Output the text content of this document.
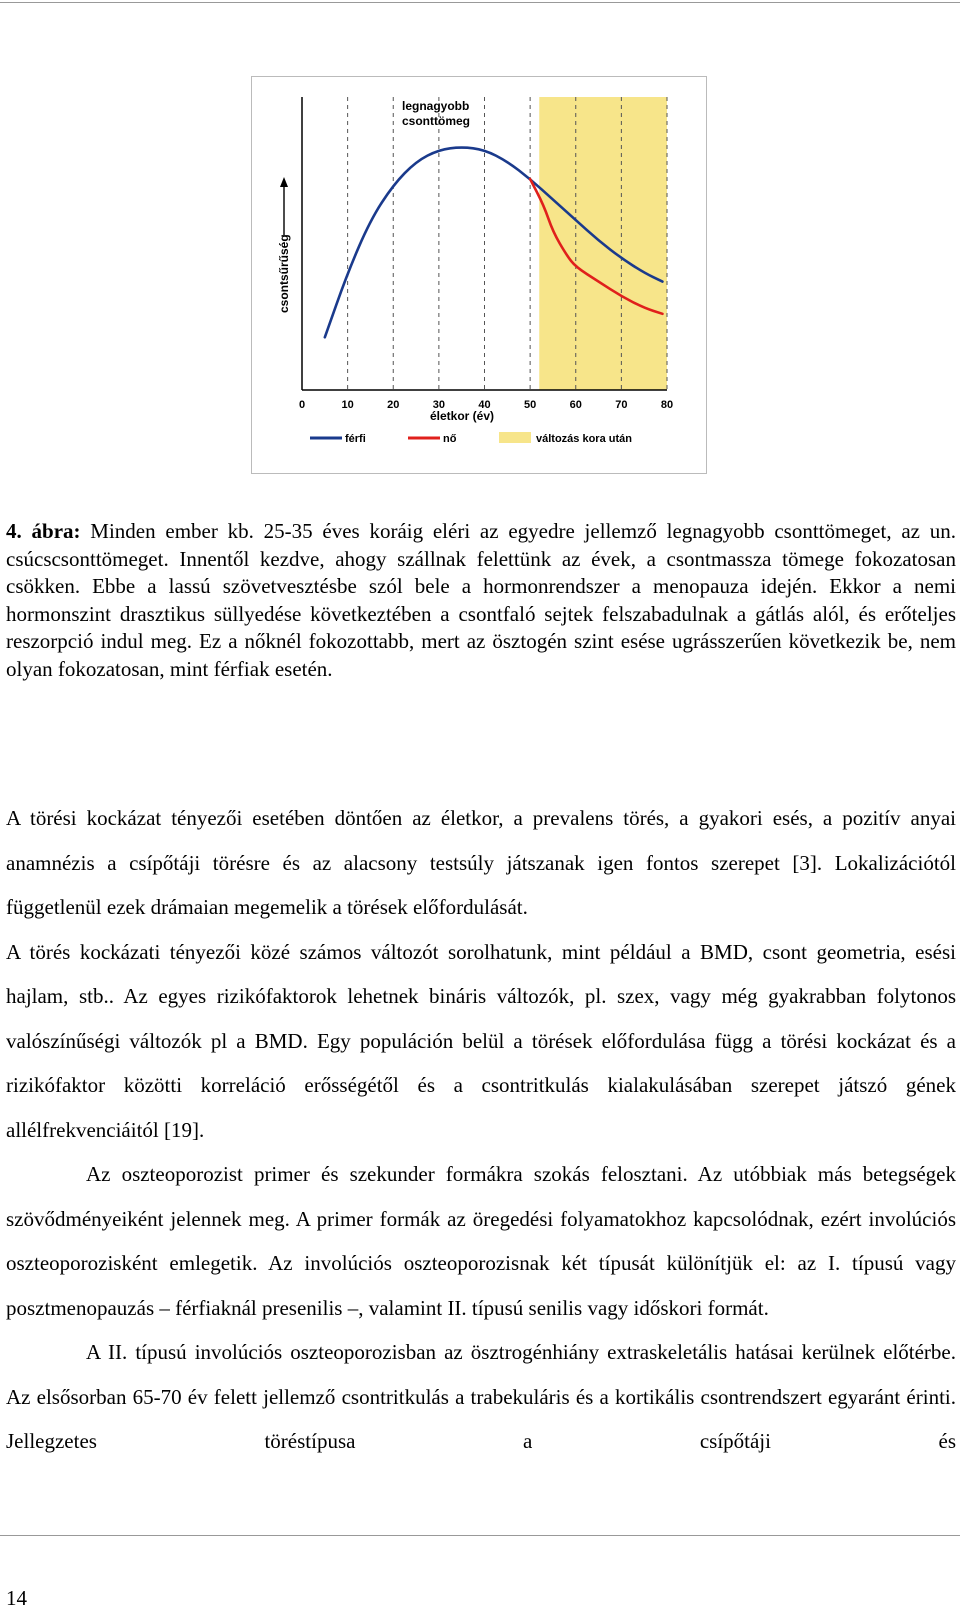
0	10	20	30	40	50	60	70	80
csontsűrűség
legnagyobb
csonttömeg
életkor (év)
férfi	nő	változás kora után
4. ábra: Minden ember kb. 25-35 éves koráig eléri az egyedre jellemző legnagyobb csonttömeget, az un. csúcscsonttömeget. Innentől kezdve, ahogy szállnak felettünk az évek, a csontmassza tömege fokozatosan csökken. Ebbe a lassú szövetvesztésbe szól bele a hormonrendszer a menopauza idején. Ekkor a nemi hormonszint drasztikus süllyedése következtében a csontfaló sejtek felszabadulnak a gátlás alól, és erőteljes reszorpció indul meg. Ez a nőknél fokozottabb, mert az ösztogén szint esése ugrásszerűen következik be, nem olyan fokozatosan, mint férfiak esetén.

A törési kockázat tényezői esetében döntően az életkor, a prevalens törés, a gyakori esés, a pozitív anyai anamnézis a csípőtáji törésre és az alacsony testsúly játszanak igen fontos szerepet [3]. Lokalizációtól függetlenül ezek drámaian megemelik a törések előfordulását.

A törés kockázati tényezői közé számos változót sorolhatunk, mint például a BMD, csont geometria, esési hajlam, stb.. Az egyes rizikófaktorok lehetnek bináris változók, pl. szex, vagy még gyakrabban folytonos valószínűségi változók pl a BMD. Egy populáción belül a törések előfordulása függ a törési kockázat és a rizikófaktor közötti korreláció erősségétől és a csontritkulás kialakulásában szerepet játszó gének allélfrekvenciáitól [19].

Az oszteoporozist primer és szekunder formákra szokás felosztani. Az utóbbiak más betegségek szövődményeiként jelennek meg. A primer formák az öregedési folyamatokhoz kapcsolódnak, ezért involúciós oszteoporozisként emlegetik. Az involúciós oszteoporozisnak két típusát különítjük el: az I. típusú vagy posztmenopauzás – férfiaknál presenilis –, valamint II. típusú senilis vagy időskori formát.

A II. típusú involúciós oszteoporozisban az ösztrogénhiány extraskeletális hatásai kerülnek előtérbe. Az elsősorban 65-70 év felett jellemző csontritkulás a trabekuláris és a kortikális csontrendszert egyaránt érinti. Jellegzetes töréstípusa a csípőtáji és

14
